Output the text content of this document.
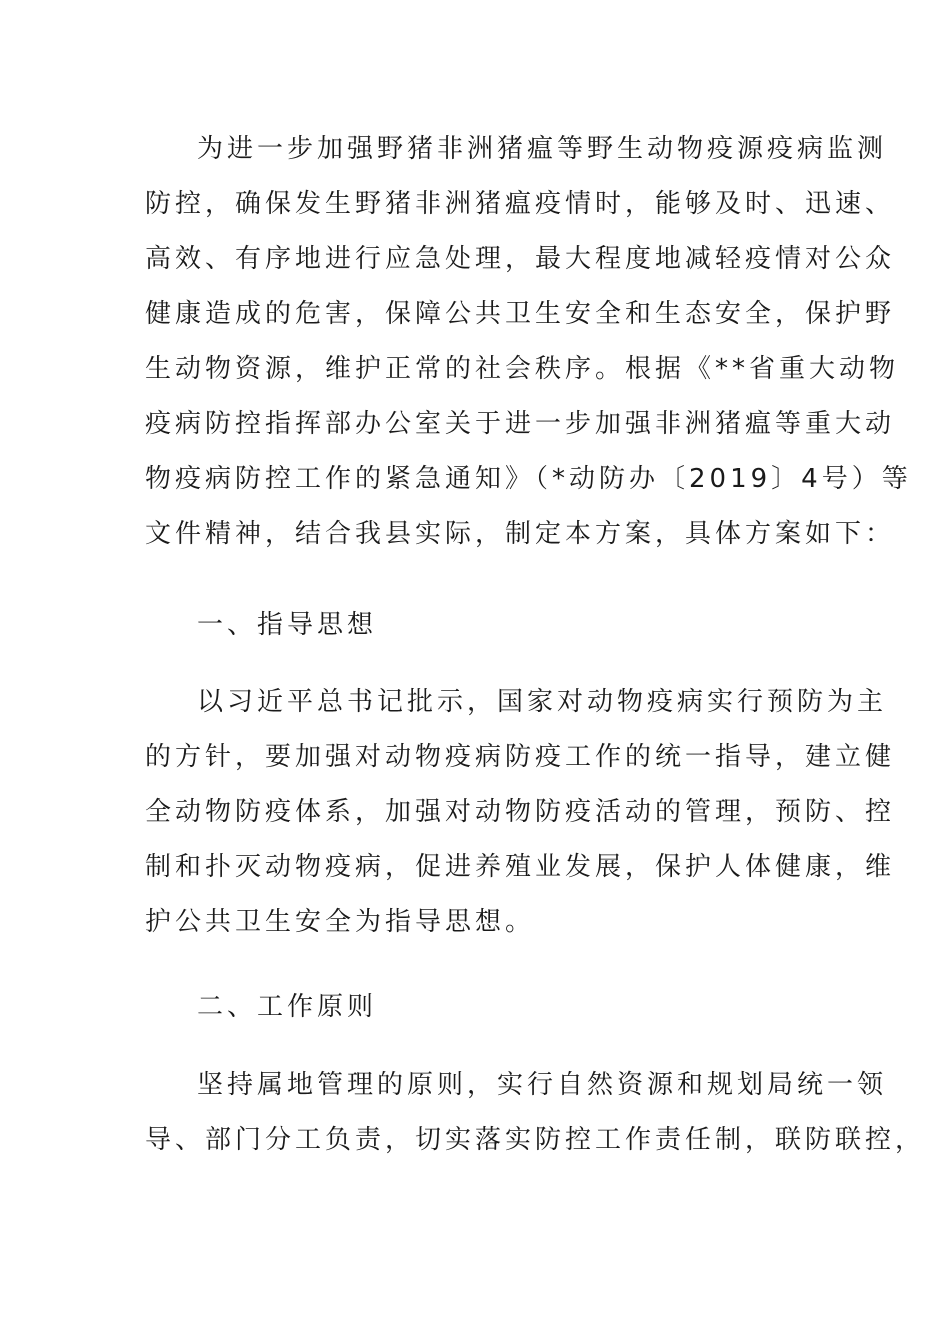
为进一步加强野猪非洲猪瘟等野生动物疫源疫病监测
防控，确保发生野猪非洲猪瘟疫情时，能够及时、迅速、
高效、有序地进行应急处理，最大程度地减轻疫情对公众
健康造成的危害，保障公共卫生安全和生态安全，保护野
生动物资源，维护正常的社会秩序。根据《**省重大动物
疫病防控指挥部办公室关于进一步加强非洲猪瘟等重大动
物疫病防控工作的紧急通知》（*动防办〔2019〕4号）等
文件精神，结合我县实际，制定本方案，具体方案如下：
一、指导思想
以习近平总书记批示，国家对动物疫病实行预防为主
的方针，要加强对动物疫病防疫工作的统一指导，建立健
全动物防疫体系，加强对动物防疫活动的管理，预防、控
制和扑灭动物疫病，促进养殖业发展，保护人体健康，维
护公共卫生安全为指导思想。
二、工作原则
坚持属地管理的原则，实行自然资源和规划局统一领
导、部门分工负责，切实落实防控工作责任制，联防联控，
